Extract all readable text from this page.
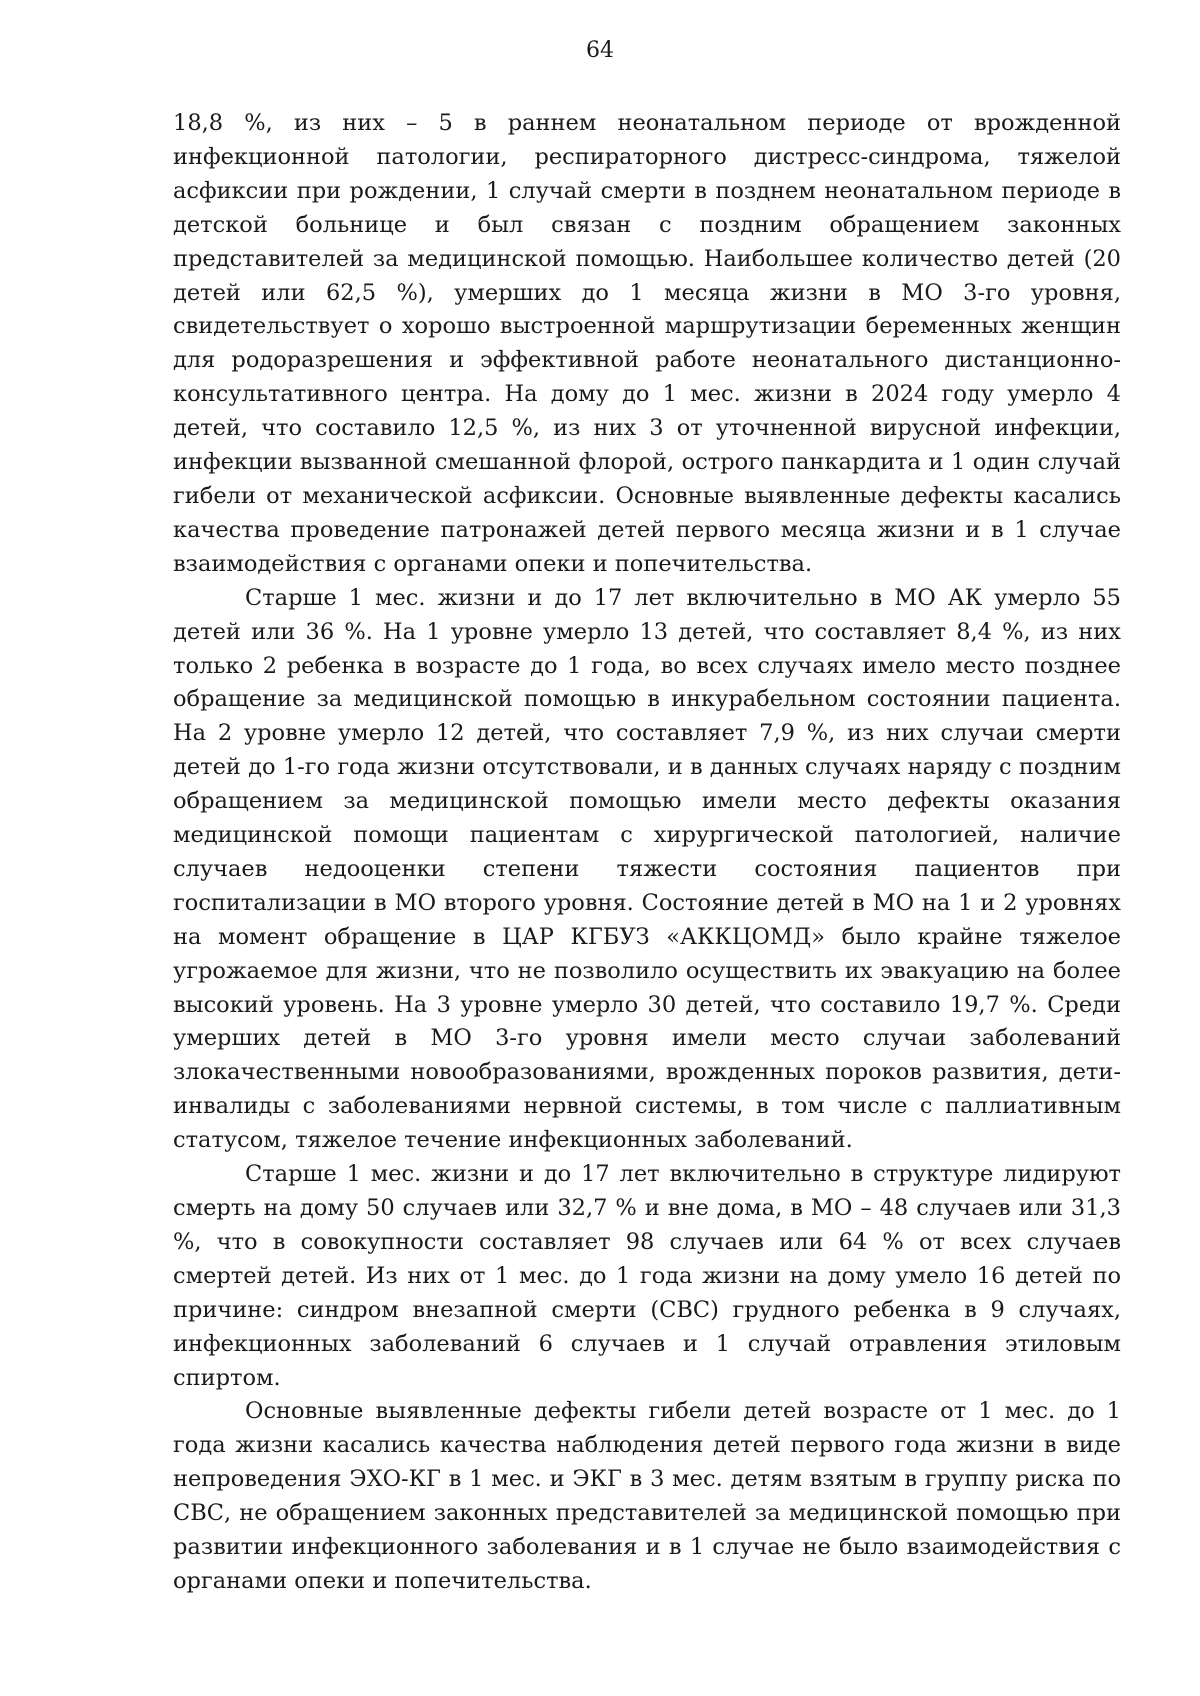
64

18,8 %, из них – 5 в раннем неонатальном периоде от врожденной инфекционной патологии, респираторного дистресс-синдрома, тяжелой асфиксии при рождении, 1 случай смерти в позднем неонатальном периоде в детской больнице и был связан с поздним обращением законных представителей за медицинской помощью. Наибольшее количество детей (20 детей или 62,5 %), умерших до 1 месяца жизни в МО 3-го уровня, свидетельствует о хорошо выстроенной маршрутизации беременных женщин для родоразрешения и эффективной работе неонатального дистанционно-консультативного центра. На дому до 1 мес. жизни в 2024 году умерло 4 детей, что составило 12,5 %, из них 3 от уточненной вирусной инфекции, инфекции вызванной смешанной флорой, острого панкардита и 1 один случай гибели от механической асфиксии. Основные выявленные дефекты касались качества проведение патронажей детей первого месяца жизни и в 1 случае взаимодействия с органами опеки и попечительства.

Старше 1 мес. жизни и до 17 лет включительно в МО АК умерло 55 детей или 36 %. На 1 уровне умерло 13 детей, что составляет 8,4 %, из них только 2 ребенка в возрасте до 1 года, во всех случаях имело место позднее обращение за медицинской помощью в инкурабельном состоянии пациента. На 2 уровне умерло 12 детей, что составляет 7,9 %, из них случаи смерти детей до 1-го года жизни отсутствовали, и в данных случаях наряду с поздним обращением за медицинской помощью имели место дефекты оказания медицинской помощи пациентам с хирургической патологией, наличие случаев недооценки степени тяжести состояния пациентов при госпитализации в МО второго уровня. Состояние детей в МО на 1 и 2 уровнях на момент обращение в ЦАР КГБУЗ «АККЦОМД» было крайне тяжелое угрожаемое для жизни, что не позволило осуществить их эвакуацию на более высокий уровень. На 3 уровне умерло 30 детей, что составило 19,7 %. Среди умерших детей в МО 3-го уровня имели место случаи заболеваний злокачественными новообразованиями, врожденных пороков развития, дети-инвалиды с заболеваниями нервной системы, в том числе с паллиативным статусом, тяжелое течение инфекционных заболеваний.

Старше 1 мес. жизни и до 17 лет включительно в структуре лидируют смерть на дому 50 случаев или 32,7 % и вне дома, в МО – 48 случаев или 31,3 %, что в совокупности составляет 98 случаев или 64 % от всех случаев смертей детей. Из них от 1 мес. до 1 года жизни на дому умело 16 детей по причине: синдром внезапной смерти (СВС) грудного ребенка в 9 случаях, инфекционных заболеваний 6 случаев и 1 случай отравления этиловым спиртом.

Основные выявленные дефекты гибели детей возрасте от 1 мес. до 1 года жизни касались качества наблюдения детей первого года жизни в виде непроведения ЭХО-КГ в 1 мес. и ЭКГ в 3 мес. детям взятым в группу риска по СВС, не обращением законных представителей за медицинской помощью при развитии инфекционного заболевания и в 1 случае не было взаимодействия с органами опеки и попечительства.
